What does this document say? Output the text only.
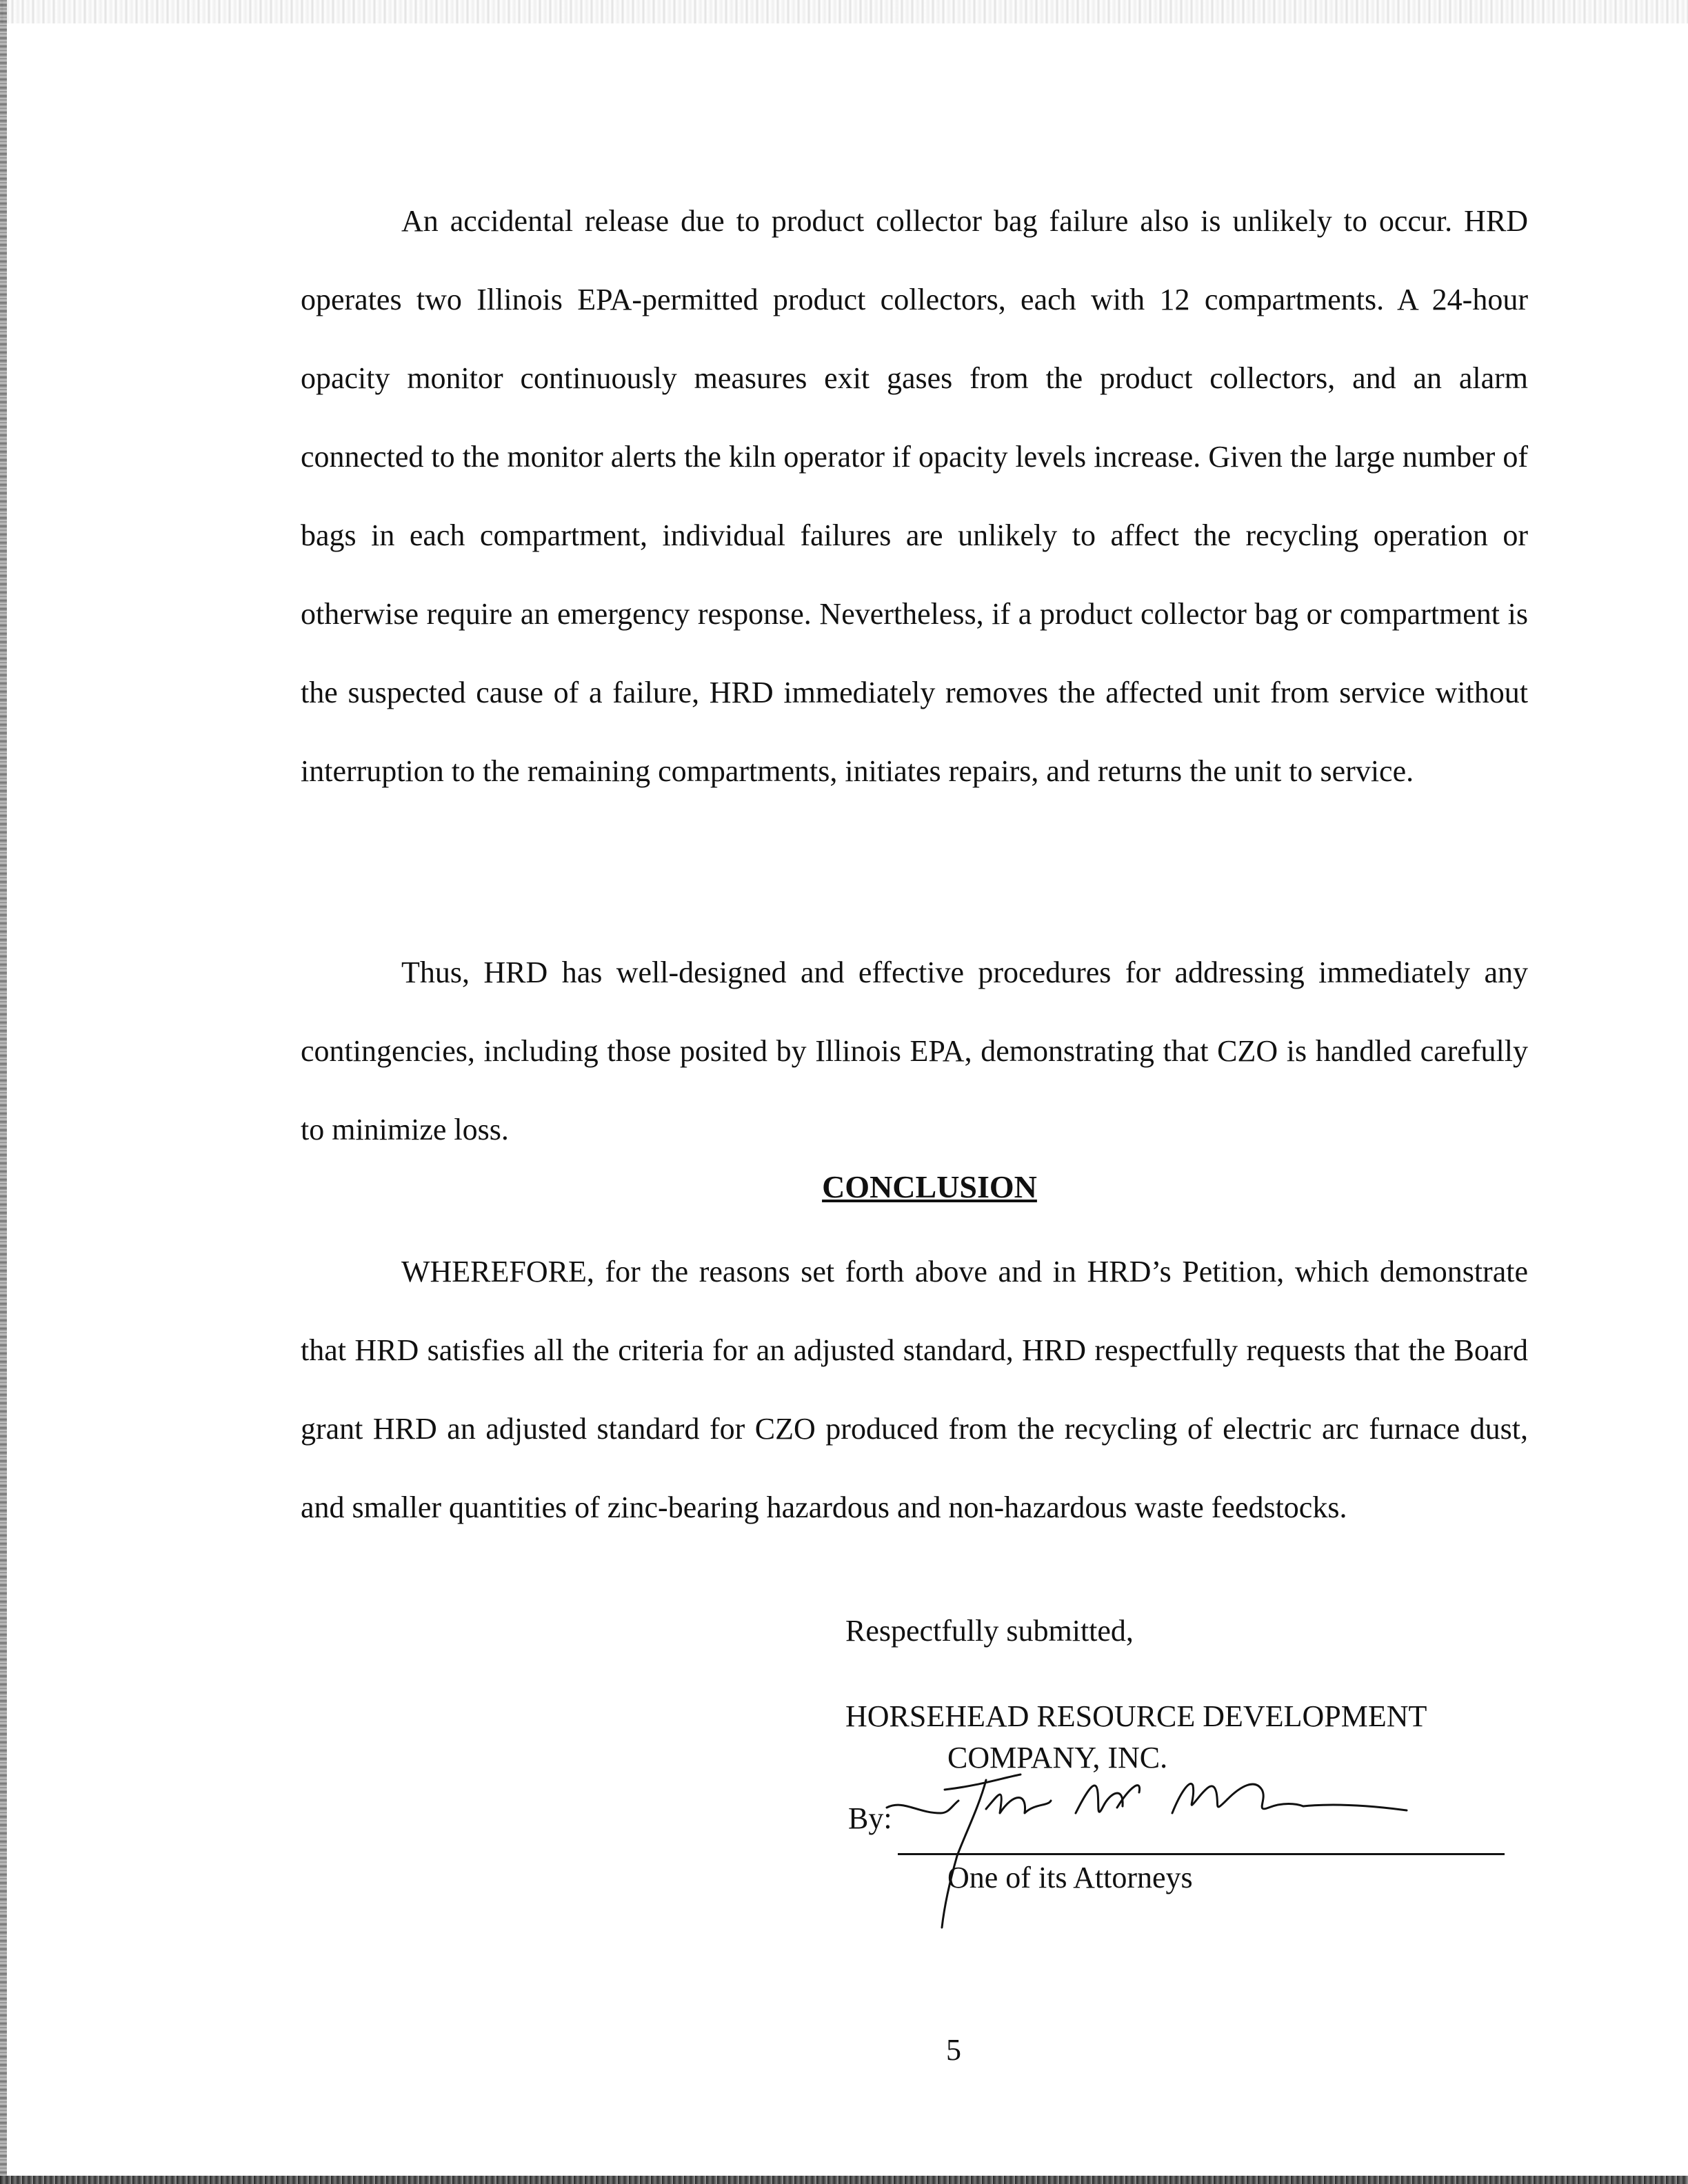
An accidental release due to product collector bag failure also is unlikely to occur. HRD operates two Illinois EPA-permitted product collectors, each with 12 compartments. A 24-hour opacity monitor continuously measures exit gases from the product collectors, and an alarm connected to the monitor alerts the kiln operator if opacity levels increase. Given the large number of bags in each compartment, individual failures are unlikely to affect the recycling operation or otherwise require an emergency response. Nevertheless, if a product collector bag or compartment is the suspected cause of a failure, HRD immediately removes the affected unit from service without interruption to the remaining compartments, initiates repairs, and returns the unit to service.

Thus, HRD has well-designed and effective procedures for addressing immediately any contingencies, including those posited by Illinois EPA, demonstrating that CZO is handled carefully to minimize loss.

CONCLUSION

WHEREFORE, for the reasons set forth above and in HRD’s Petition, which demonstrate that HRD satisfies all the criteria for an adjusted standard, HRD respectfully requests that the Board grant HRD an adjusted standard for CZO produced from the recycling of electric arc furnace dust, and smaller quantities of zinc-bearing hazardous and non-hazardous waste feedstocks.

Respectfully submitted,
HORSEHEAD RESOURCE DEVELOPMENT
COMPANY, INC.
By:
One of its Attorneys
5
